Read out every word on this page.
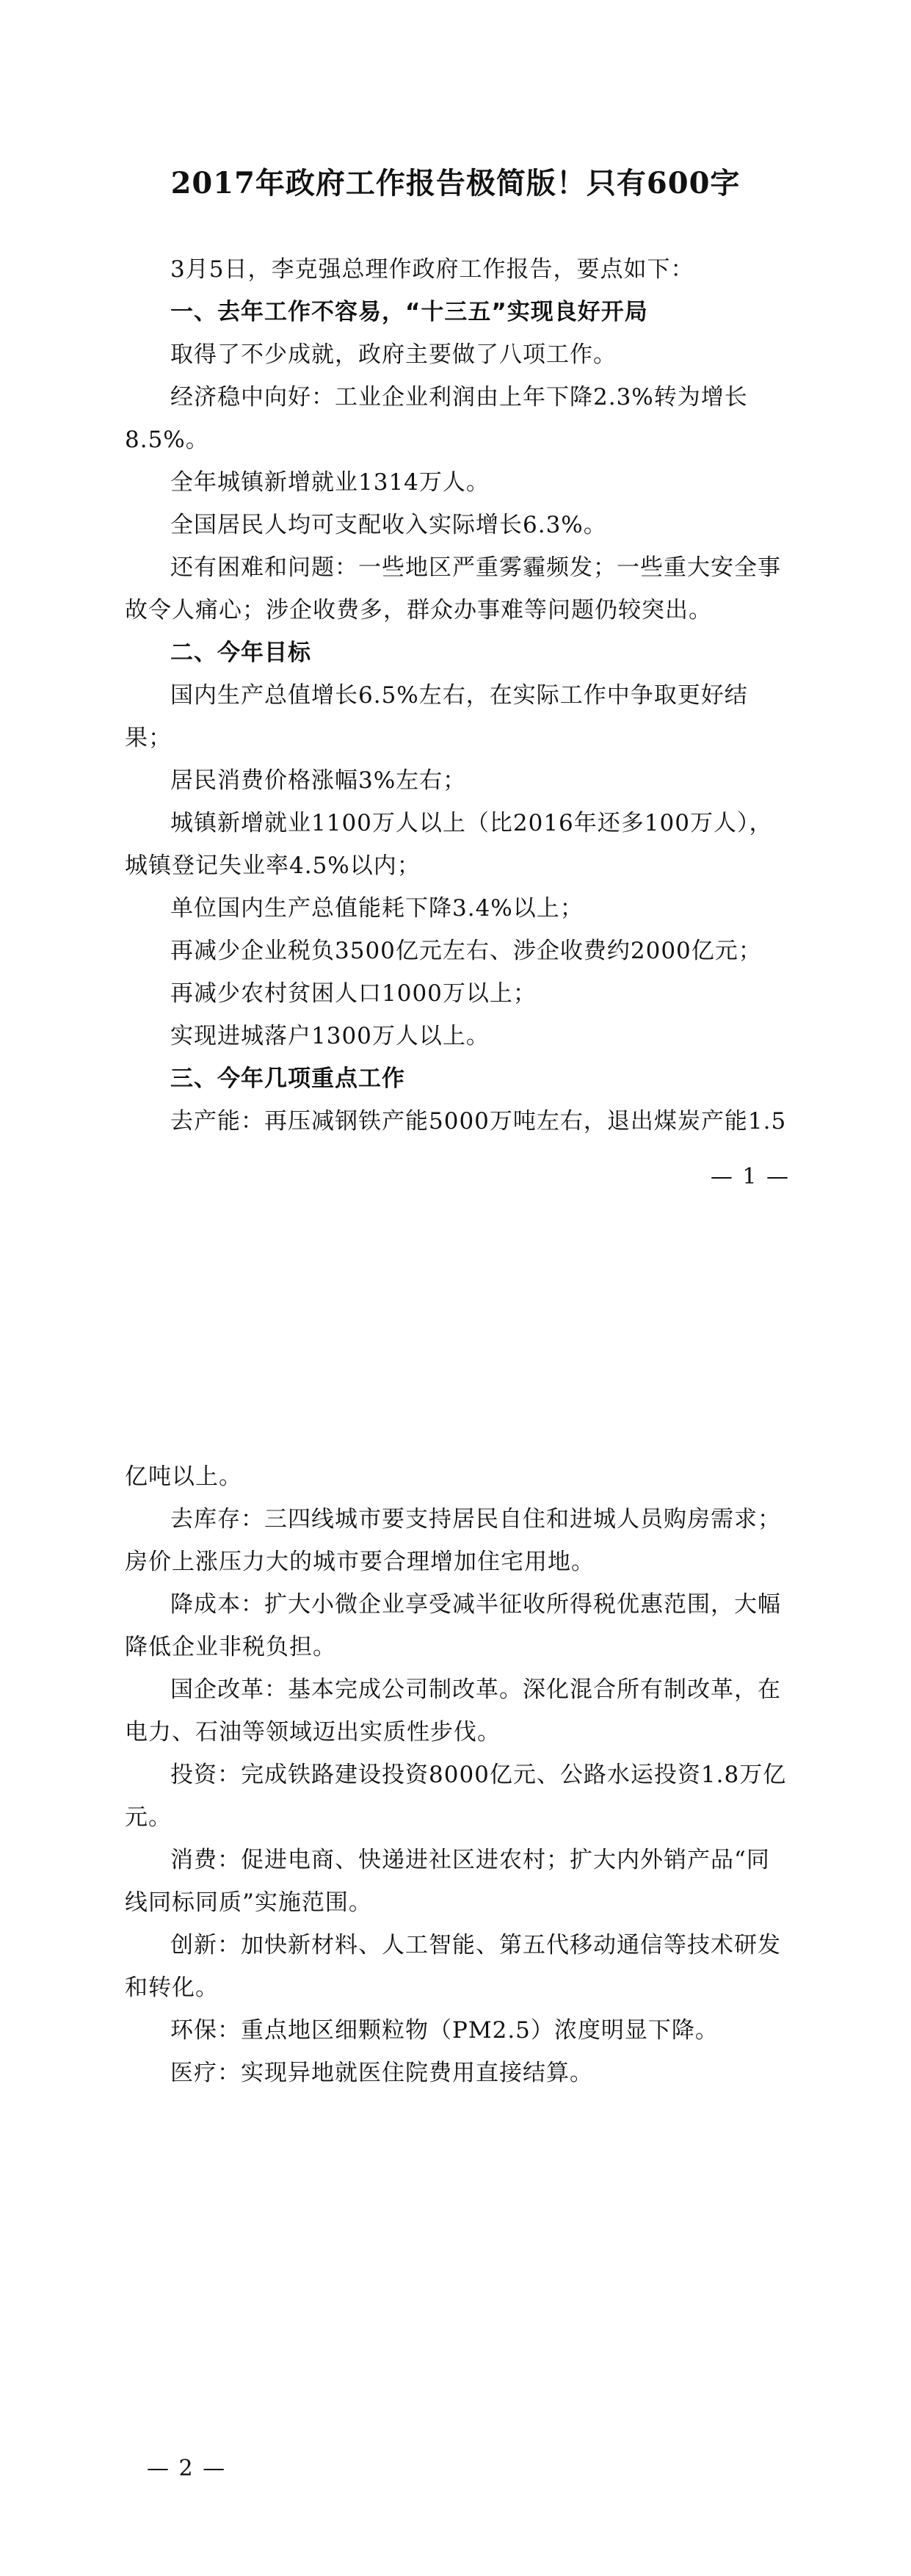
2017年政府工作报告极简版！只有600字

3月5日，李克强总理作政府工作报告，要点如下：

一、去年工作不容易，“十三五”实现良好开局

取得了不少成就，政府主要做了八项工作。

经济稳中向好：工业企业利润由上年下降2.3%转为增长8.5%。

全年城镇新增就业1314万人。

全国居民人均可支配收入实际增长6.3%。

还有困难和问题：一些地区严重雾霾频发；一些重大安全事故令人痛心；涉企收费多，群众办事难等问题仍较突出。

二、今年目标

国内生产总值增长6.5%左右，在实际工作中争取更好结果；

居民消费价格涨幅3%左右；

城镇新增就业1100万人以上（比2016年还多100万人），城镇登记失业率4.5%以内；

单位国内生产总值能耗下降3.4%以上；

再减少企业税负3500亿元左右、涉企收费约2000亿元；

再减少农村贫困人口1000万以上；

实现进城落户1300万人以上。

三、今年几项重点工作

去产能：再压减钢铁产能5000万吨左右，退出煤炭产能1.5

— 1 —

亿吨以上。

去库存：三四线城市要支持居民自住和进城人员购房需求；房价上涨压力大的城市要合理增加住宅用地。

降成本：扩大小微企业享受减半征收所得税优惠范围，大幅降低企业非税负担。

国企改革：基本完成公司制改革。深化混合所有制改革，在电力、石油等领域迈出实质性步伐。

投资：完成铁路建设投资8000亿元、公路水运投资1.8万亿元。

消费：促进电商、快递进社区进农村；扩大内外销产品“同线同标同质”实施范围。

创新：加快新材料、人工智能、第五代移动通信等技术研发和转化。

环保：重点地区细颗粒物（PM2.5）浓度明显下降。

医疗：实现异地就医住院费用直接结算。

— 2 —
